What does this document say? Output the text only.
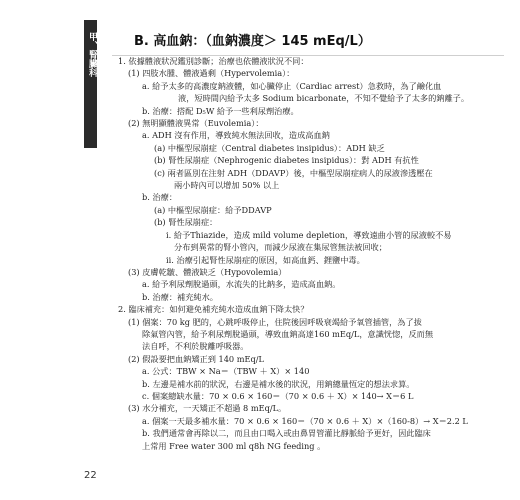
甲、腎臟科
22
B. 高血鈉：（血鈉濃度＞ 145 mEq/L）
1. 依據體液狀況鑑別診斷；治療也依體液狀況不同：
(1) 四肢水腫、體液過剩（Hypervolemia）：
a. 給予太多的高濃度鈉液體，如心臟停止（Cardiac arrest）急救時，為了鹼化血
液，短時間內給予太多 Sodium bicarbonate，不知不覺給予了太多的鈉離子。
b. 治療：搭配 D₅W 給予一些利尿劑治療。
(2) 無明顯體液異常（Euvolemia）：
a. ADH 沒有作用，導致純水無法回收，造成高血鈉
(a) 中樞型尿崩症（Central diabetes insipidus）：ADH 缺乏
(b) 腎性尿崩症（Nephrogenic diabetes insipidus）：對 ADH 有抗性
(c) 兩者區別在注射 ADH（DDAVP）後，中樞型尿崩症病人的尿液滲透壓在
兩小時內可以增加 50% 以上
b. 治療：
(a) 中樞型尿崩症：給予DDAVP
(b) 腎性尿崩症：
i. 給予Thiazide，造成 mild volume depletion，導致遠曲小管的尿液較不易
分布到異常的腎小管內，而減少尿液在集尿管無法被回收；
ii. 治療引起腎性尿崩症的原因，如高血鈣、鋰鹽中毒。
(3) 皮膚乾皺、體液缺乏（Hypovolemia）
a. 給予利尿劑脫過頭，水流失的比鈉多，造成高血鈉。
b. 治療：補充純水。
2. 臨床補充：如何避免補充純水造成血鈉下降太快？
(1) 個案：70 kg 肥的，心跳呼吸停止，住院後因呼吸衰竭給予氧管插管，為了拔
除氣管內管，給予利尿劑脫過頭，導致血鈉高達160 mEq/L，意識恍惚，反而無
法自呼，不利於脫離呼吸器。
(2) 假設要把血鈉矯正到 140 mEq/L
a. 公式：TBW × Na＝（TBW ＋ X）× 140
b. 左邊是補水前的狀況，右邊是補水後的狀況，用鈉總量恆定的想法求算。
c. 個案總缺水量：70 × 0.6 × 160＝（70 × 0.6 ＋ X）× 140→ X＝6 L
(3) 水分補充，一天矯正不超過 8 mEq/L。
a. 個案一天最多補水量：70 × 0.6 × 160＝（70 × 0.6 ＋ X）×（160-8）→ X＝2.2 L
b. 我們通常會再除以二，而且由口喝入或由鼻胃管灌比靜脈給予更好，因此臨床
上常用 Free water 300 ml q8h NG feeding 。
